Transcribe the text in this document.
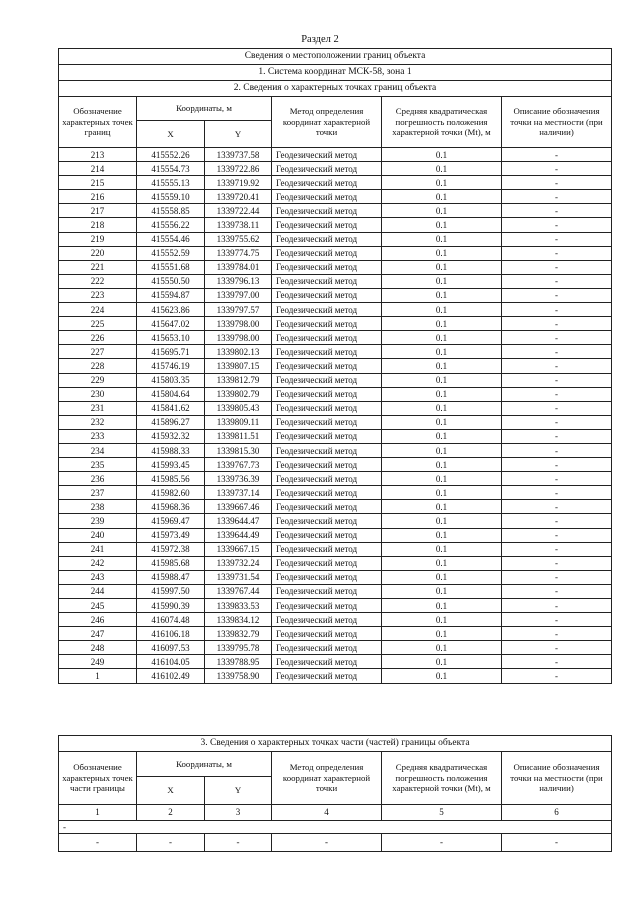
Раздел 2
Сведения о местоположении границ объекта					
1. Система координат МСК-58, зона 1					
2. Сведения о характерных точках границ объекта					
Обозначение характерных точек границ	Координаты, м		Метод определения координат характерной точки	Средняя квадратическая погрешность положения характерной точки (Mt), м	Описание обозначения точки на местности (при наличии)
	X	Y			
213	415552.26	1339737.58	Геодезический метод	0.1	-
214	415554.73	1339722.86	Геодезический метод	0.1	-
215	415555.13	1339719.92	Геодезический метод	0.1	-
216	415559.10	1339720.41	Геодезический метод	0.1	-
217	415558.85	1339722.44	Геодезический метод	0.1	-
218	415556.22	1339738.11	Геодезический метод	0.1	-
219	415554.46	1339755.62	Геодезический метод	0.1	-
220	415552.59	1339774.75	Геодезический метод	0.1	-
221	415551.68	1339784.01	Геодезический метод	0.1	-
222	415550.50	1339796.13	Геодезический метод	0.1	-
223	415594.87	1339797.00	Геодезический метод	0.1	-
224	415623.86	1339797.57	Геодезический метод	0.1	-
225	415647.02	1339798.00	Геодезический метод	0.1	-
226	415653.10	1339798.00	Геодезический метод	0.1	-
227	415695.71	1339802.13	Геодезический метод	0.1	-
228	415746.19	1339807.15	Геодезический метод	0.1	-
229	415803.35	1339812.79	Геодезический метод	0.1	-
230	415804.64	1339802.79	Геодезический метод	0.1	-
231	415841.62	1339805.43	Геодезический метод	0.1	-
232	415896.27	1339809.11	Геодезический метод	0.1	-
233	415932.32	1339811.51	Геодезический метод	0.1	-
234	415988.33	1339815.30	Геодезический метод	0.1	-
235	415993.45	1339767.73	Геодезический метод	0.1	-
236	415985.56	1339736.39	Геодезический метод	0.1	-
237	415982.60	1339737.14	Геодезический метод	0.1	-
238	415968.36	1339667.46	Геодезический метод	0.1	-
239	415969.47	1339644.47	Геодезический метод	0.1	-
240	415973.49	1339644.49	Геодезический метод	0.1	-
241	415972.38	1339667.15	Геодезический метод	0.1	-
242	415985.68	1339732.24	Геодезический метод	0.1	-
243	415988.47	1339731.54	Геодезический метод	0.1	-
244	415997.50	1339767.44	Геодезический метод	0.1	-
245	415990.39	1339833.53	Геодезический метод	0.1	-
246	416074.48	1339834.12	Геодезический метод	0.1	-
247	416106.18	1339832.79	Геодезический метод	0.1	-
248	416097.53	1339795.78	Геодезический метод	0.1	-
249	416104.05	1339788.95	Геодезический метод	0.1	-
1	416102.49	1339758.90	Геодезический метод	0.1	-
3. Сведения о характерных точках части (частей) границы объекта					
Обозначение характерных точек части границы	Координаты, м		Метод определения координат характерной точки	Средняя квадратическая погрешность положения характерной точки (Mt), м	Описание обозначения точки на местности (при наличии)
	X	Y			
1	2	3	4	5	6
-					
-	-	-	-	-	-
